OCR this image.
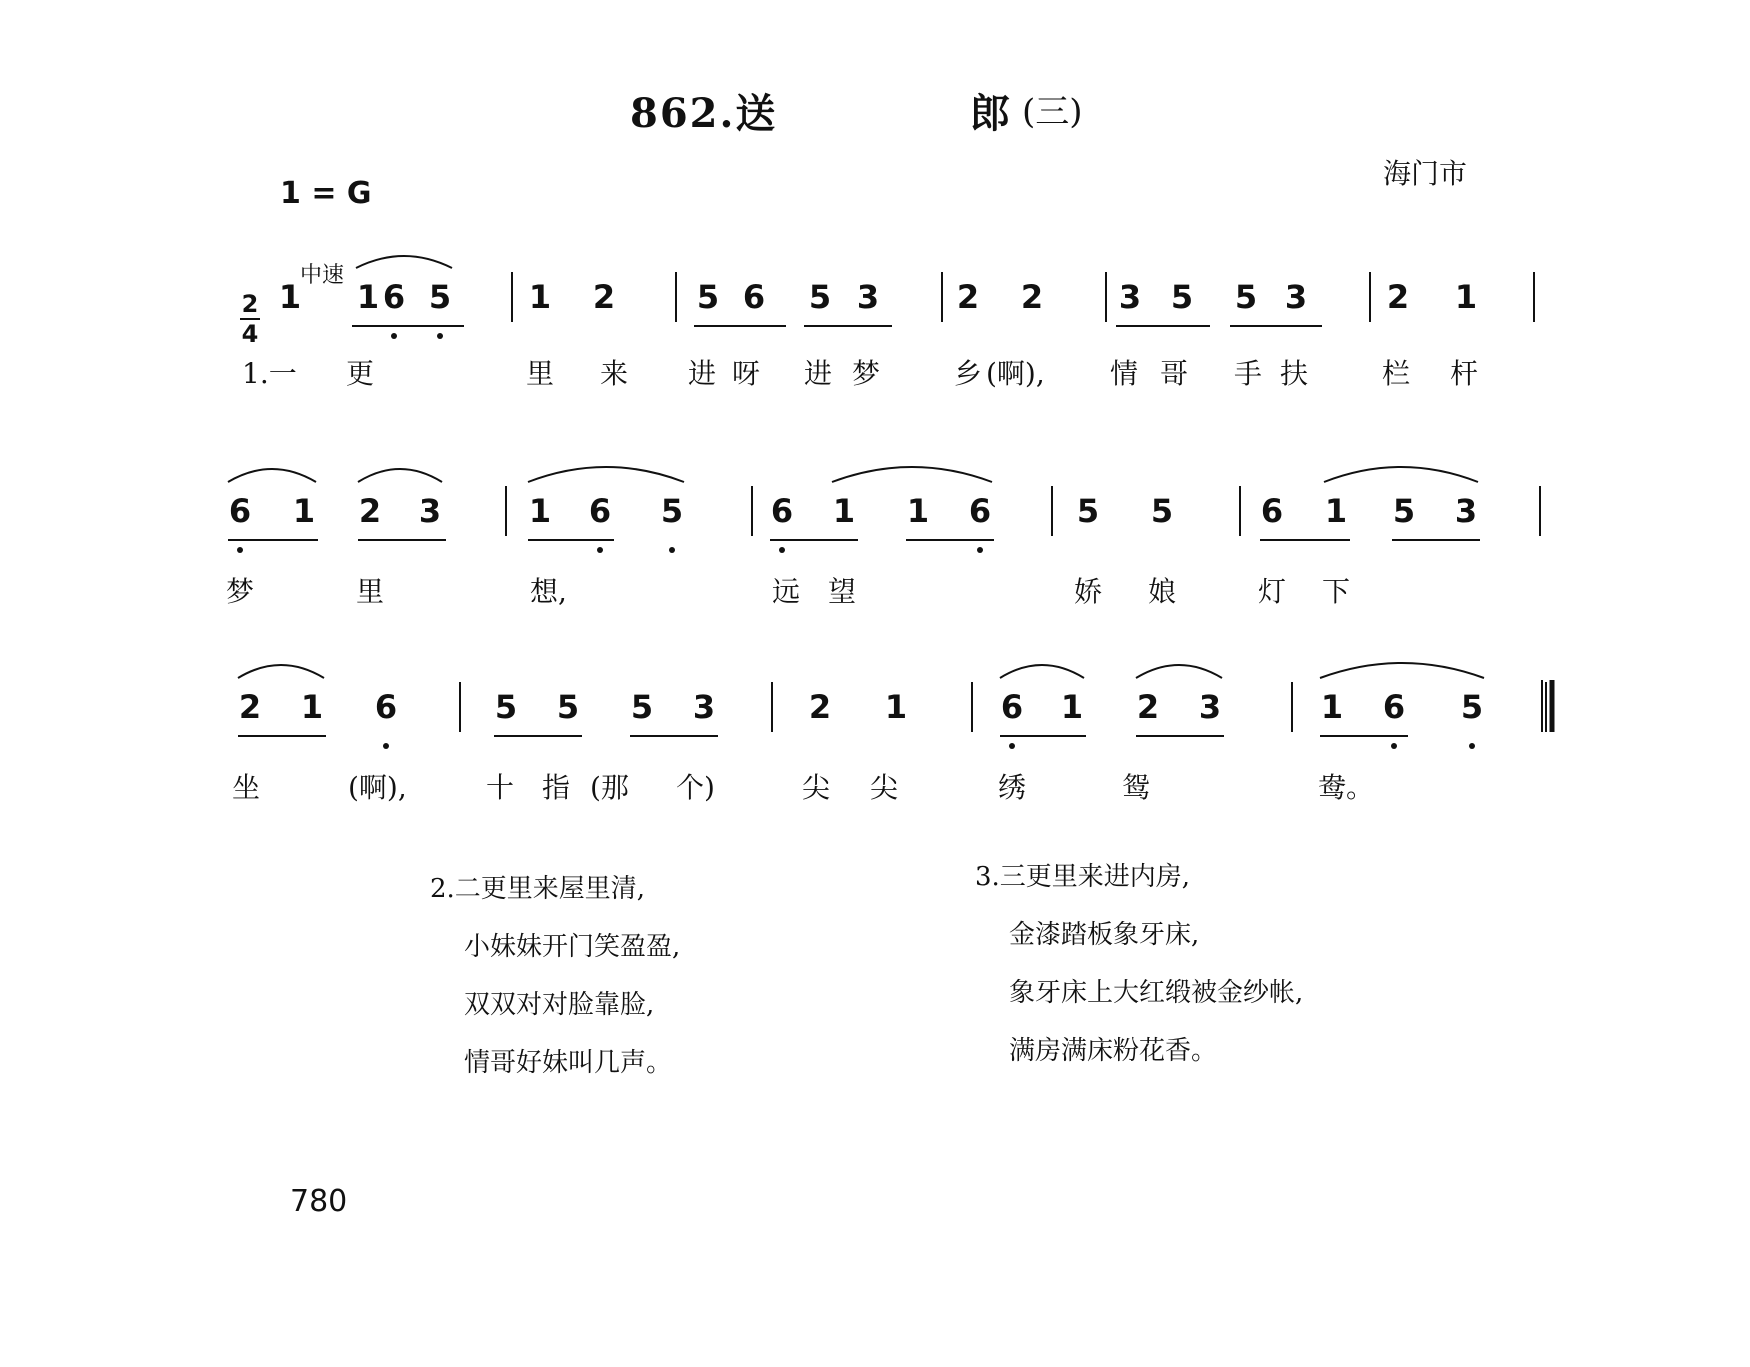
862.送	郎 (三)
海门市
1 = G
中速
2
4
1 1 6 5 1 2	5 6 5 3 2 2 3 5 5 3 2 1
1.一 更	里 来 进 呀 进 梦	乡 (啊), 情 哥 手 扶	栏 杆
6 1 2 3	1 6 5	6 1 1 6	5 5	6 1 5 3
梦	里	想,	远 望	娇 娘	灯 下
2 1 6	5 5 5 3	2 1	6 1 2 3	1 6 5
坐	(啊),	十 指 (那 个)	尖 尖	绣	鸳	鸯。
2.二更里来屋里清,
小妹妹开门笑盈盈,
双双对对脸靠脸,
情哥好妹叫几声。
3.三更里来进内房,
金漆踏板象牙床,
象牙床上大红缎被金纱帐,
满房满床粉花香。
780
